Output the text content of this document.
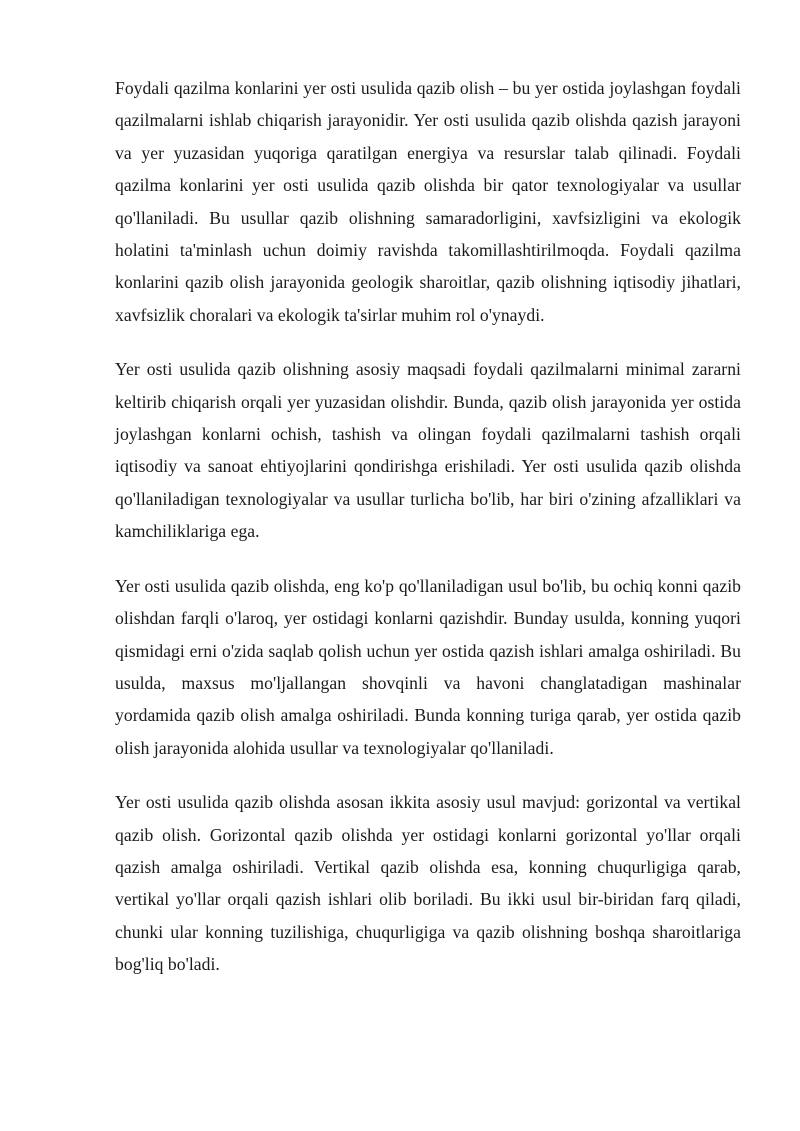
Foydali qazilma konlarini yer osti usulida qazib olish – bu yer ostida joylashgan foydali qazilmalarni ishlab chiqarish jarayonidir. Yer osti usulida qazib olishda qazish jarayoni va yer yuzasidan yuqoriga qaratilgan energiya va resurslar talab qilinadi. Foydali qazilma konlarini yer osti usulida qazib olishda bir qator texnologiyalar va usullar qo'llaniladi. Bu usullar qazib olishning samaradorligini, xavfsizligini va ekologik holatini ta'minlash uchun doimiy ravishda takomillashtirilmoqda. Foydali qazilma konlarini qazib olish jarayonida geologik sharoitlar, qazib olishning iqtisodiy jihatlari, xavfsizlik choralari va ekologik ta'sirlar muhim rol o'ynaydi.

Yer osti usulida qazib olishning asosiy maqsadi foydali qazilmalarni minimal zararni keltirib chiqarish orqali yer yuzasidan olishdir. Bunda, qazib olish jarayonida yer ostida joylashgan konlarni ochish, tashish va olingan foydali qazilmalarni tashish orqali iqtisodiy va sanoat ehtiyojlarini qondirishga erishiladi. Yer osti usulida qazib olishda qo'llaniladigan texnologiyalar va usullar turlicha bo'lib, har biri o'zining afzalliklari va kamchiliklariga ega.

Yer osti usulida qazib olishda, eng ko'p qo'llaniladigan usul bo'lib, bu ochiq konni qazib olishdan farqli o'laroq, yer ostidagi konlarni qazishdir. Bunday usulda, konning yuqori qismidagi erni o'zida saqlab qolish uchun yer ostida qazish ishlari amalga oshiriladi. Bu usulda, maxsus mo'ljallangan shovqinli va havoni changlatadigan mashinalar yordamida qazib olish amalga oshiriladi. Bunda konning turiga qarab, yer ostida qazib olish jarayonida alohida usullar va texnologiyalar qo'llaniladi.

Yer osti usulida qazib olishda asosan ikkita asosiy usul mavjud: gorizontal va vertikal qazib olish. Gorizontal qazib olishda yer ostidagi konlarni gorizontal yo'llar orqali qazish amalga oshiriladi. Vertikal qazib olishda esa, konning chuqurligiga qarab, vertikal yo'llar orqali qazish ishlari olib boriladi. Bu ikki usul bir-biridan farq qiladi, chunki ular konning tuzilishiga, chuqurligiga va qazib olishning boshqa sharoitlariga bog'liq bo'ladi.
